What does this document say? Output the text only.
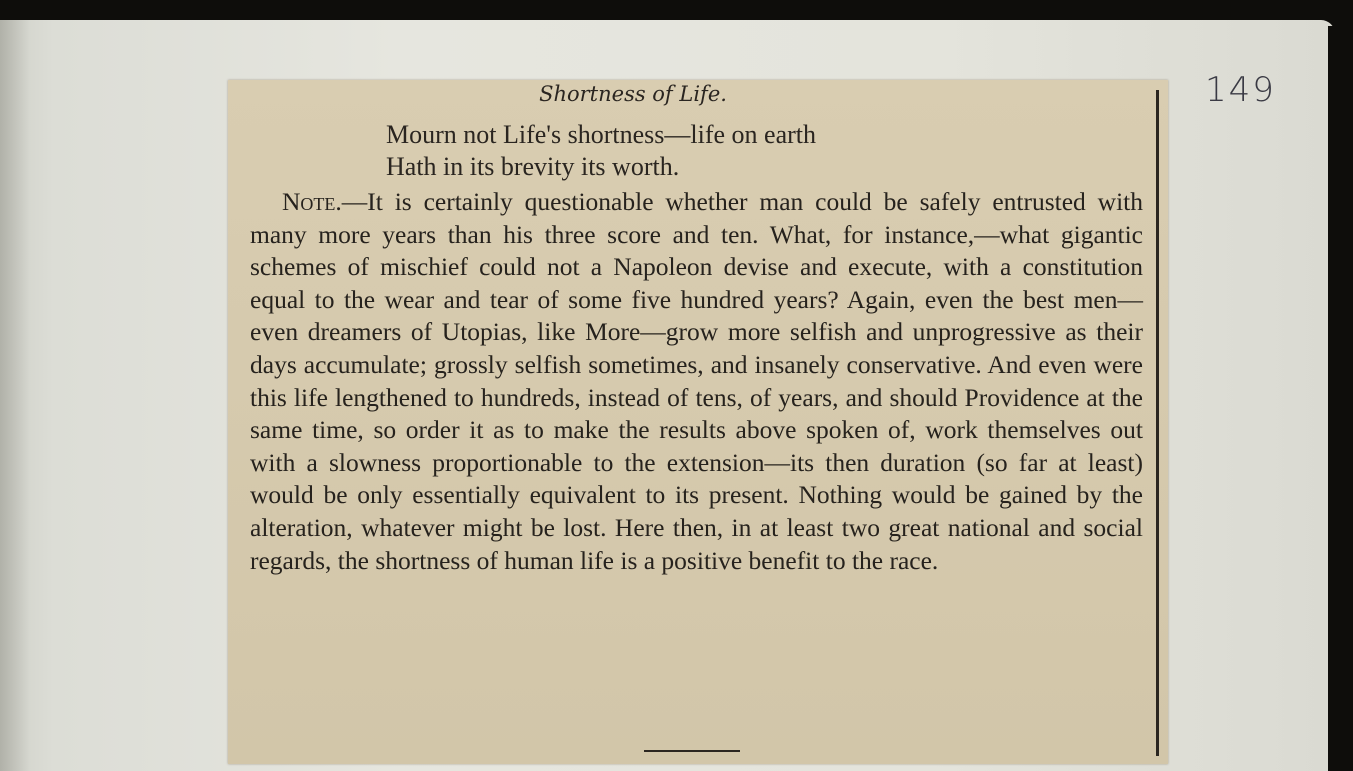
149
Shortness of Life.
Mourn not Life's shortness—life on earth
Hath in its brevity its worth.
Note.—It is certainly questionable whether man could be safely entrusted with many more years than his three score and ten. What, for instance,—what gigantic schemes of mischief could not a Napoleon devise and execute, with a constitution equal to the wear and tear of some five hundred years? Again, even the best men—even dreamers of Utopias, like More—grow more selfish and unprogressive as their days accumulate; grossly selfish sometimes, and insanely conservative. And even were this life lengthened to hundreds, instead of tens, of years, and should Providence at the same time, so order it as to make the results above spoken of, work themselves out with a slowness proportionable to the extension—its then duration (so far at least) would be only essentially equivalent to its present. Nothing would be gained by the alteration, whatever might be lost. Here then, in at least two great national and social regards, the shortness of human life is a positive benefit to the race.
